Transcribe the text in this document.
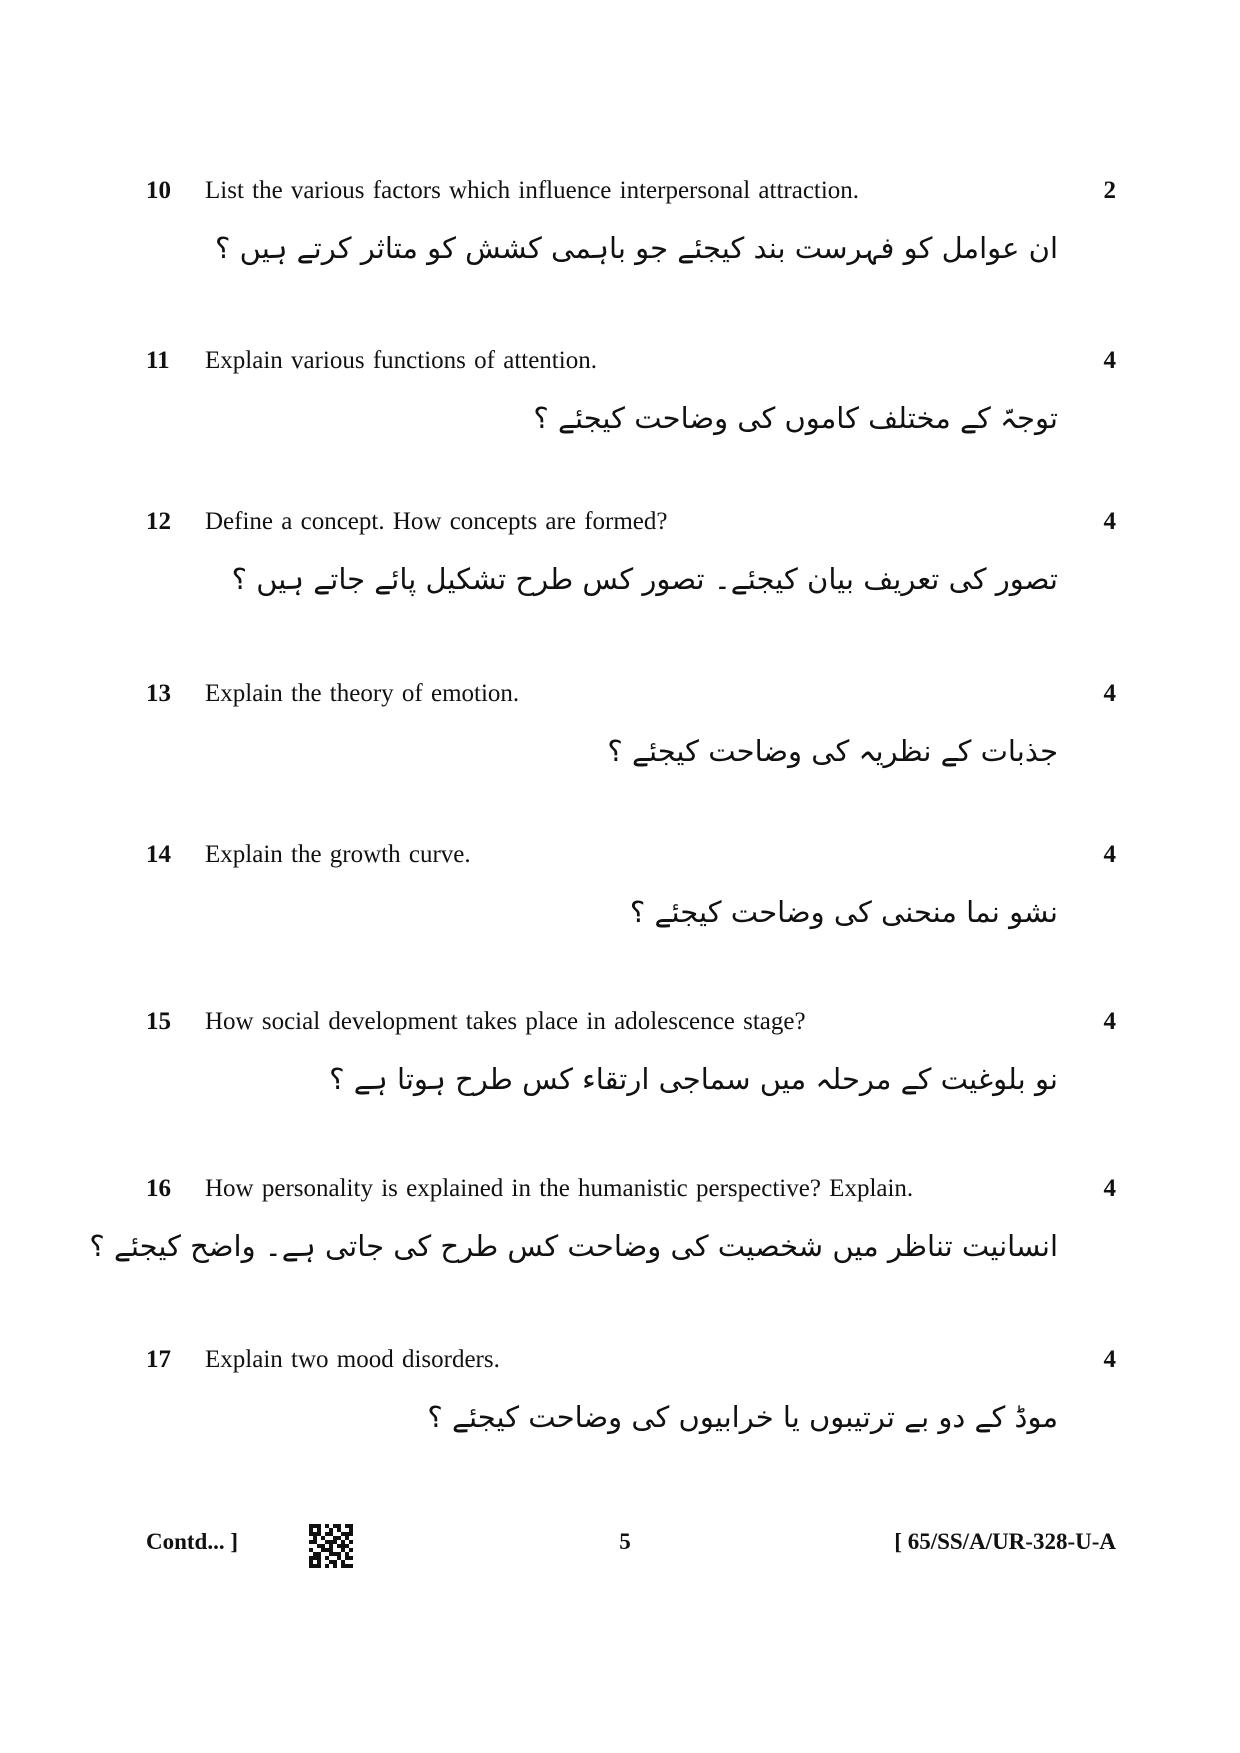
10 List the various factors which influence interpersonal attraction.	2
ان عوامل کو فہرست بند کیجئے جو باہمی کشش کو متاثر کرتے ہیں ؟
11 Explain various functions of attention.	4
توجہّ کے مختلف کاموں کی وضاحت کیجئے ؟
12 Define a concept. How concepts are formed?	4
تصور کی تعریف بیان کیجئے۔ تصور کس طرح تشکیل پائے جاتے ہیں ؟
13 Explain the theory of emotion.	4
جذبات کے نظریہ کی وضاحت کیجئے ؟
14 Explain the growth curve.	4
نشو نما منحنی کی وضاحت کیجئے ؟
15 How social development takes place in adolescence stage?	4
نو بلوغیت کے مرحلہ میں سماجی ارتقاء کس طرح ہوتا ہے ؟
16 How personality is explained in the humanistic perspective? Explain.	4
انسانیت تناظر میں شخصیت کی وضاحت کس طرح کی جاتی ہے۔ واضح کیجئے ؟
17 Explain two mood disorders.	4
موڈ کے دو بے ترتیبوں یا خرابیوں کی وضاحت کیجئے ؟
Contd... ]	5	[ 65/SS/A/UR-328-U-A
